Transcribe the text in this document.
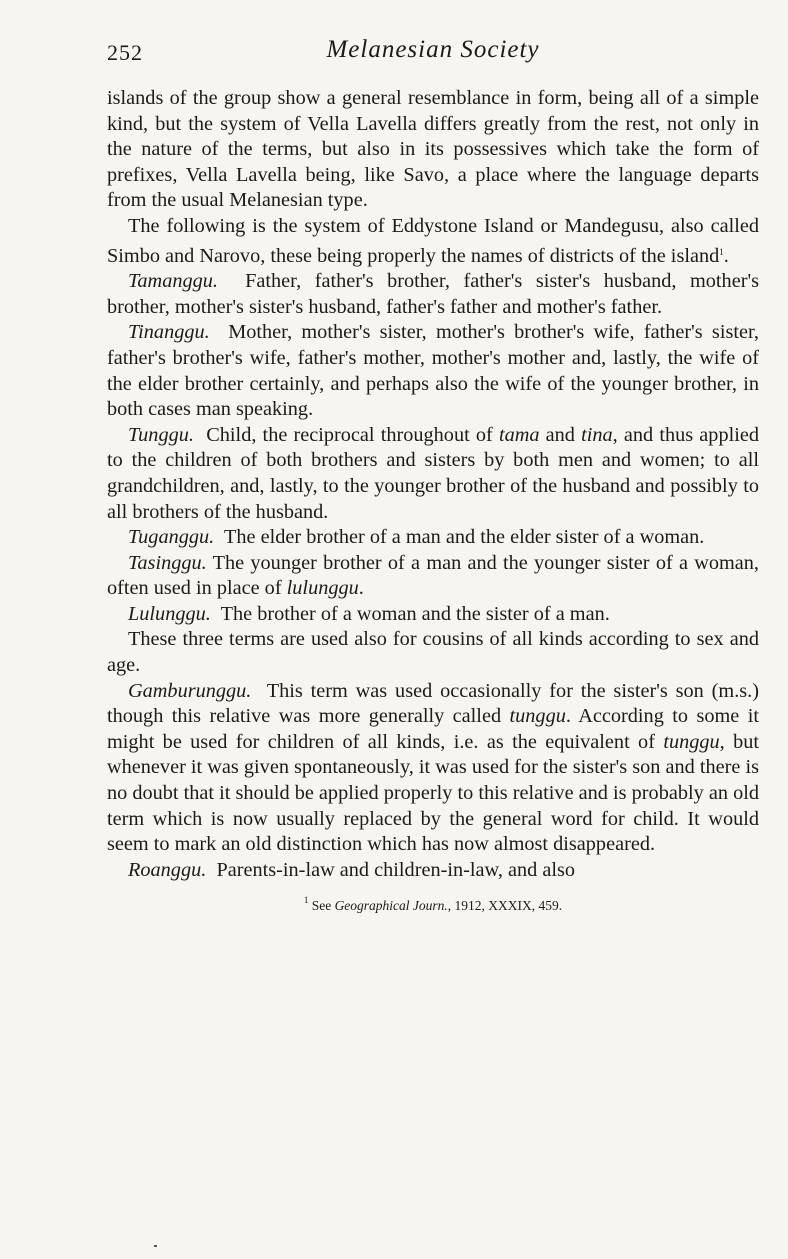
252	Melanesian Society

islands of the group show a general resemblance in form, being all of a simple kind, but the system of Vella Lavella differs greatly from the rest, not only in the nature of the terms, but also in its possessives which take the form of prefixes, Vella Lavella being, like Savo, a place where the language departs from the usual Melanesian type.

The following is the system of Eddystone Island or Mandegusu, also called Simbo and Narovo, these being properly the names of districts of the island$^1$.

Tamanggu. Father, father's brother, father's sister's husband, mother's brother, mother's sister's husband, father's father and mother's father.

Tinanggu. Mother, mother's sister, mother's brother's wife, father's sister, father's brother's wife, father's mother, mother's mother and, lastly, the wife of the elder brother certainly, and perhaps also the wife of the younger brother, in both cases man speaking.

Tunggu. Child, the reciprocal throughout of tama and tina, and thus applied to the children of both brothers and sisters by both men and women; to all grandchildren, and, lastly, to the younger brother of the husband and possibly to all brothers of the husband.

Tuganggu. The elder brother of a man and the elder sister of a woman.

Tasinggu. The younger brother of a man and the younger sister of a woman, often used in place of lulunggu.

Lulunggu. The brother of a woman and the sister of a man.

These three terms are used also for cousins of all kinds according to sex and age.

Gamburunggu. This term was used occasionally for the sister's son (m.s.) though this relative was more generally called tunggu. According to some it might be used for children of all kinds, i.e. as the equivalent of tunggu, but whenever it was given spontaneously, it was used for the sister's son and there is no doubt that it should be applied properly to this relative and is probably an old term which is now usually replaced by the general word for child. It would seem to mark an old distinction which has now almost disappeared.

Roanggu. Parents-in-law and children-in-law, and also

$^1$ See Geographical Journ., 1912, XXXIX, 459.
